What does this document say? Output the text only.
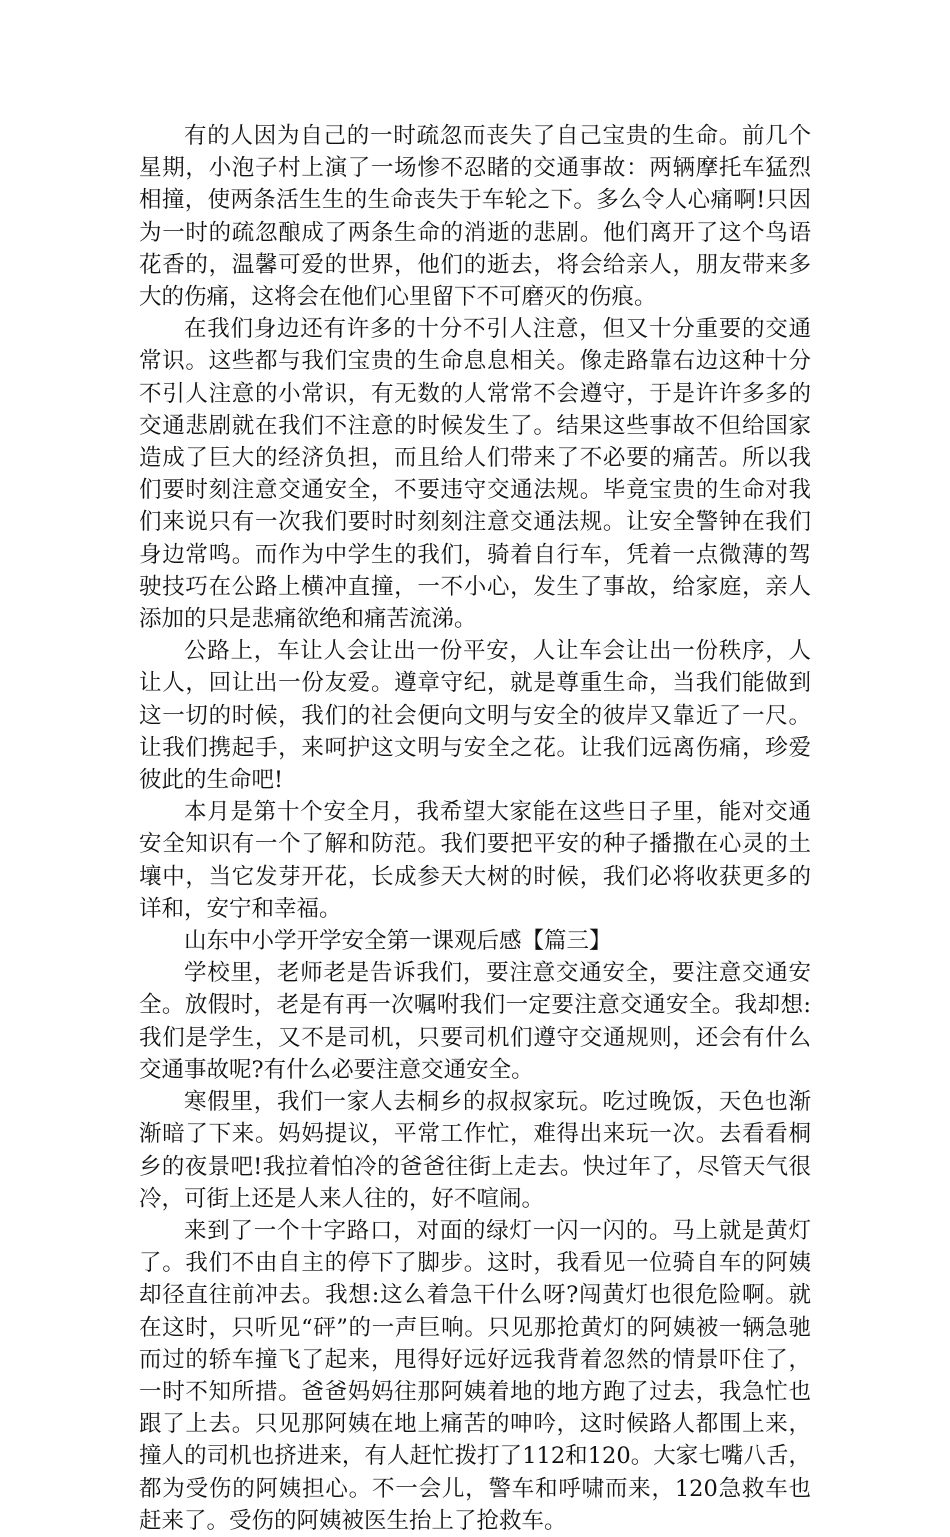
有的人因为自己的一时疏忽而丧失了自己宝贵的生命。前几个星期，小泡子村上演了一场惨不忍睹的交通事故：两辆摩托车猛烈相撞，使两条活生生的生命丧失于车轮之下。多么令人心痛啊!只因为一时的疏忽酿成了两条生命的消逝的悲剧。他们离开了这个鸟语花香的，温馨可爱的世界，他们的逝去，将会给亲人，朋友带来多大的伤痛，这将会在他们心里留下不可磨灭的伤痕。

在我们身边还有许多的十分不引人注意，但又十分重要的交通常识。这些都与我们宝贵的生命息息相关。像走路靠右边这种十分不引人注意的小常识，有无数的人常常不会遵守，于是许许多多的交通悲剧就在我们不注意的时候发生了。结果这些事故不但给国家造成了巨大的经济负担，而且给人们带来了不必要的痛苦。所以我们要时刻注意交通安全，不要违守交通法规。毕竟宝贵的生命对我们来说只有一次我们要时时刻刻注意交通法规。让安全警钟在我们身边常鸣。而作为中学生的我们，骑着自行车，凭着一点微薄的驾驶技巧在公路上横冲直撞，一不小心，发生了事故，给家庭，亲人添加的只是悲痛欲绝和痛苦流涕。

公路上，车让人会让出一份平安，人让车会让出一份秩序，人让人，回让出一份友爱。遵章守纪，就是尊重生命，当我们能做到这一切的时候，我们的社会便向文明与安全的彼岸又靠近了一尺。让我们携起手，来呵护这文明与安全之花。让我们远离伤痛，珍爱彼此的生命吧!

本月是第十个安全月，我希望大家能在这些日子里，能对交通安全知识有一个了解和防范。我们要把平安的种子播撒在心灵的土壤中，当它发芽开花，长成参天大树的时候，我们必将收获更多的详和，安宁和幸福。

山东中小学开学安全第一课观后感【篇三】

学校里，老师老是告诉我们，要注意交通安全，要注意交通安全。放假时，老是有再一次嘱咐我们一定要注意交通安全。我却想:我们是学生，又不是司机，只要司机们遵守交通规则，还会有什么交通事故呢?有什么必要注意交通安全。

寒假里，我们一家人去桐乡的叔叔家玩。吃过晚饭，天色也渐渐暗了下来。妈妈提议，平常工作忙，难得出来玩一次。去看看桐乡的夜景吧!我拉着怕冷的爸爸往街上走去。快过年了，尽管天气很冷，可街上还是人来人往的，好不喧闹。

来到了一个十字路口，对面的绿灯一闪一闪的。马上就是黄灯了。我们不由自主的停下了脚步。这时，我看见一位骑自车的阿姨却径直往前冲去。我想:这么着急干什么呀?闯黄灯也很危险啊。就在这时，只听见“砰”的一声巨响。只见那抢黄灯的阿姨被一辆急驰而过的轿车撞飞了起来，甩得好远好远我背着忽然的情景吓住了，一时不知所措。爸爸妈妈往那阿姨着地的地方跑了过去，我急忙也跟了上去。只见那阿姨在地上痛苦的呻吟，这时候路人都围上来，撞人的司机也挤进来，有人赶忙拨打了112和120。大家七嘴八舌，都为受伤的阿姨担心。不一会儿，警车和呼啸而来，120急救车也赶来了。受伤的阿姨被医生抬上了抢救车。
